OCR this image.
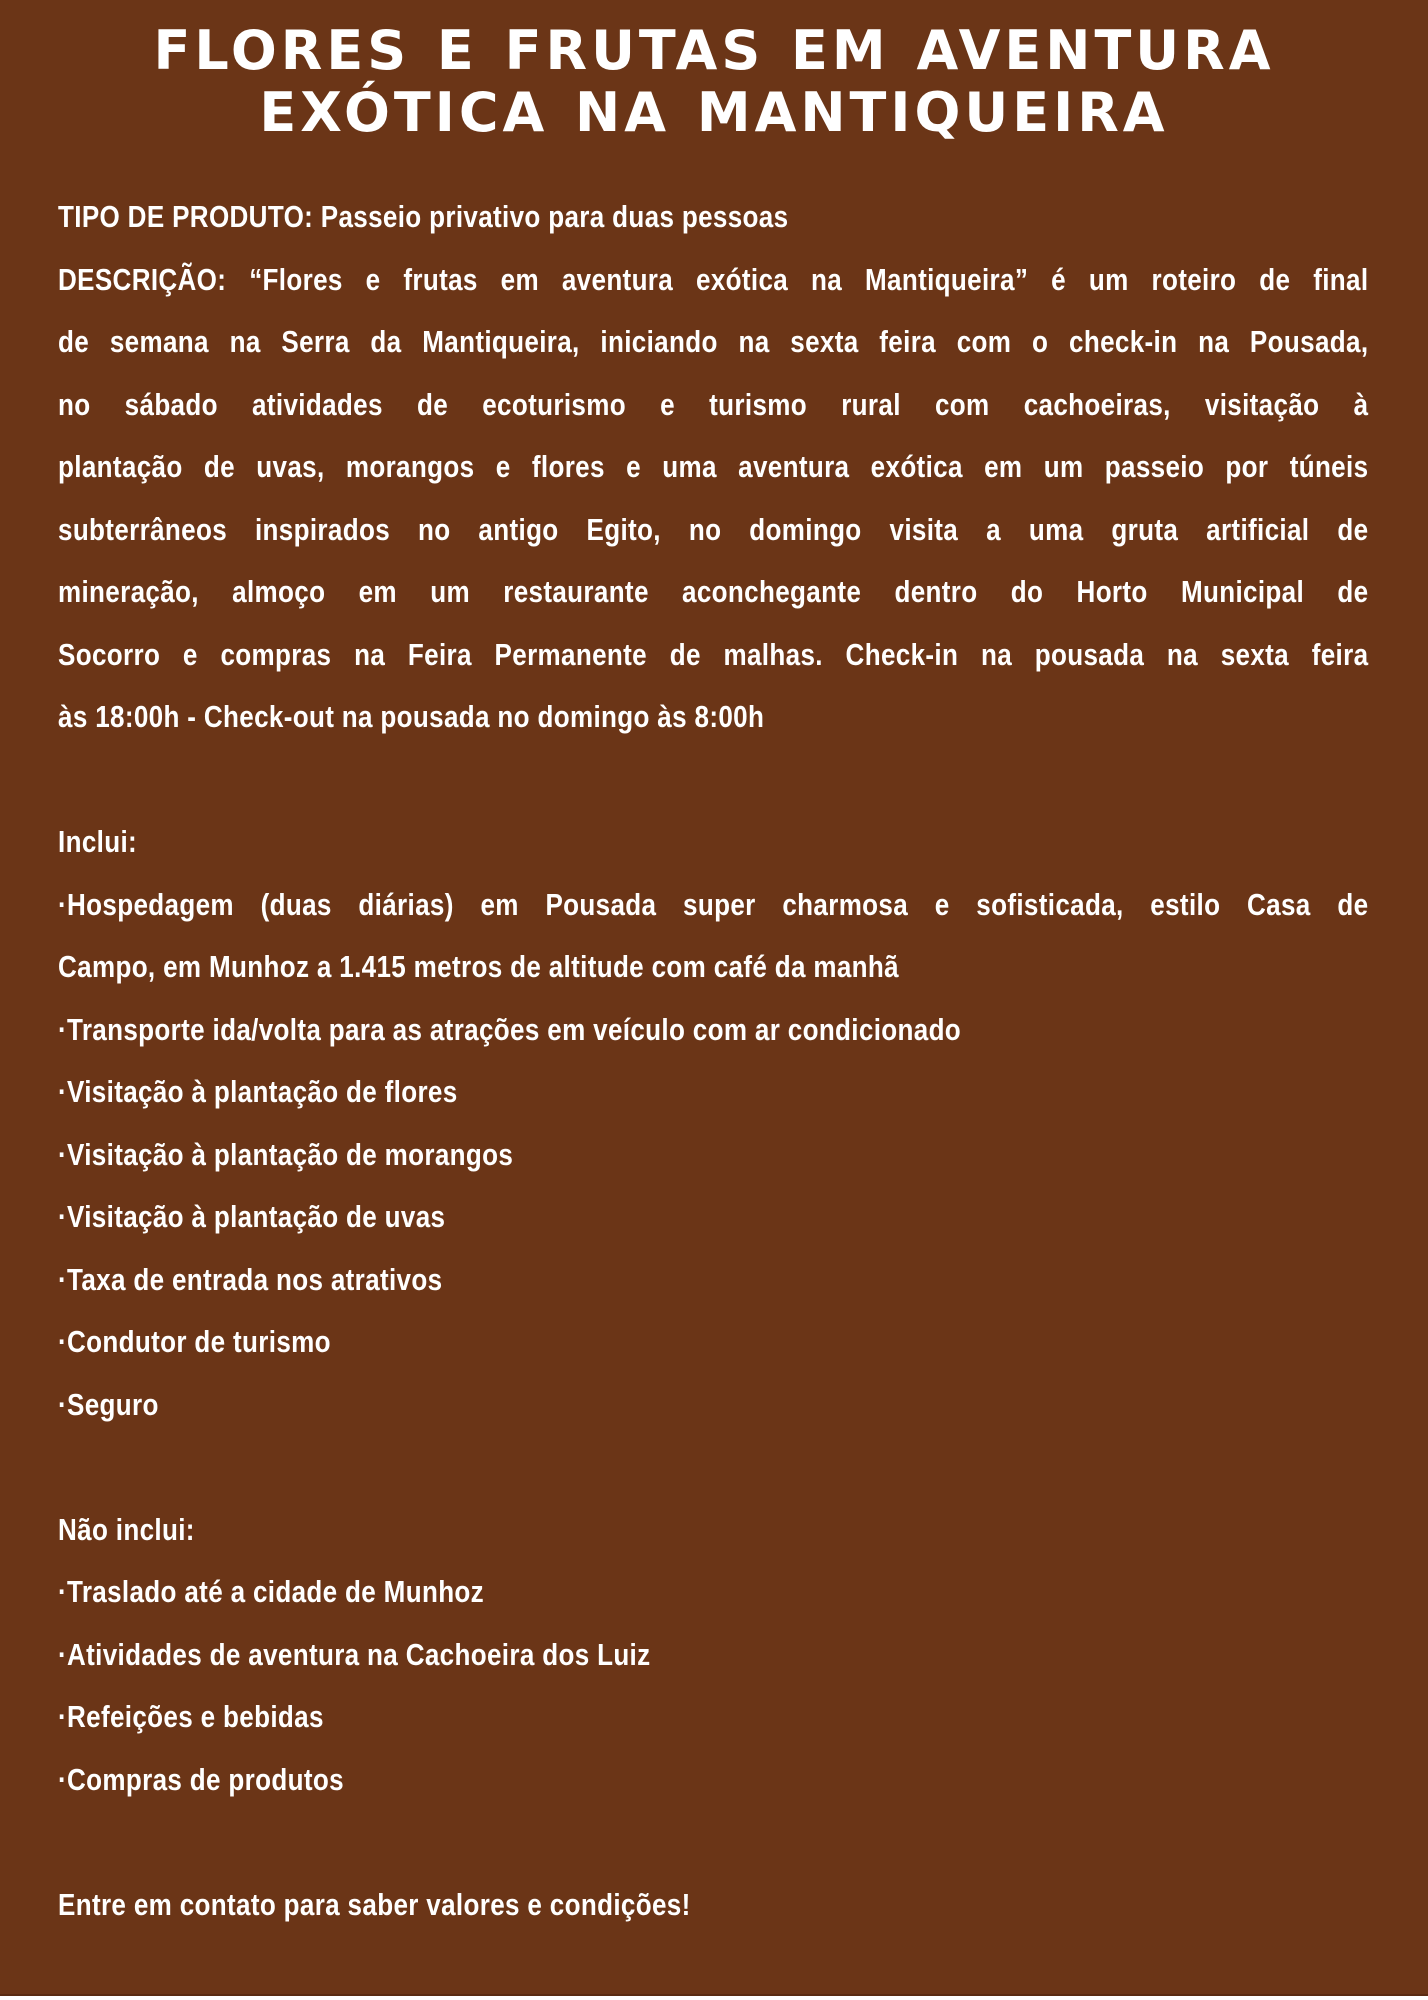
FLORES E FRUTAS EM AVENTURA
EXÓTICA NA MANTIQUEIRA
TIPO DE PRODUTO: Passeio privativo para duas pessoas
DESCRIÇÃO: “Flores e frutas em aventura exótica na Mantiqueira” é um roteiro de final
de semana na Serra da Mantiqueira, iniciando na sexta feira com o check-in na Pousada,
no sábado atividades de ecoturismo e turismo rural com cachoeiras, visitação à
plantação de uvas, morangos e flores e uma aventura exótica em um passeio por túneis
subterrâneos inspirados no antigo Egito, no domingo visita a uma gruta artificial de
mineração, almoço em um restaurante aconchegante dentro do Horto Municipal de
Socorro e compras na Feira Permanente de malhas. Check-in na pousada na sexta feira
às 18:00h - Check-out na pousada no domingo às 8:00h
Inclui:
·Hospedagem (duas diárias) em Pousada super charmosa e sofisticada, estilo Casa de
Campo, em Munhoz a 1.415 metros de altitude com café da manhã
·Transporte ida/volta para as atrações em veículo com ar condicionado
·Visitação à plantação de flores
·Visitação à plantação de morangos
·Visitação à plantação de uvas
·Taxa de entrada nos atrativos
·Condutor de turismo
·Seguro
Não inclui:
·Traslado até a cidade de Munhoz
·Atividades de aventura na Cachoeira dos Luiz
·Refeições e bebidas
·Compras de produtos
Entre em contato para saber valores e condições!
